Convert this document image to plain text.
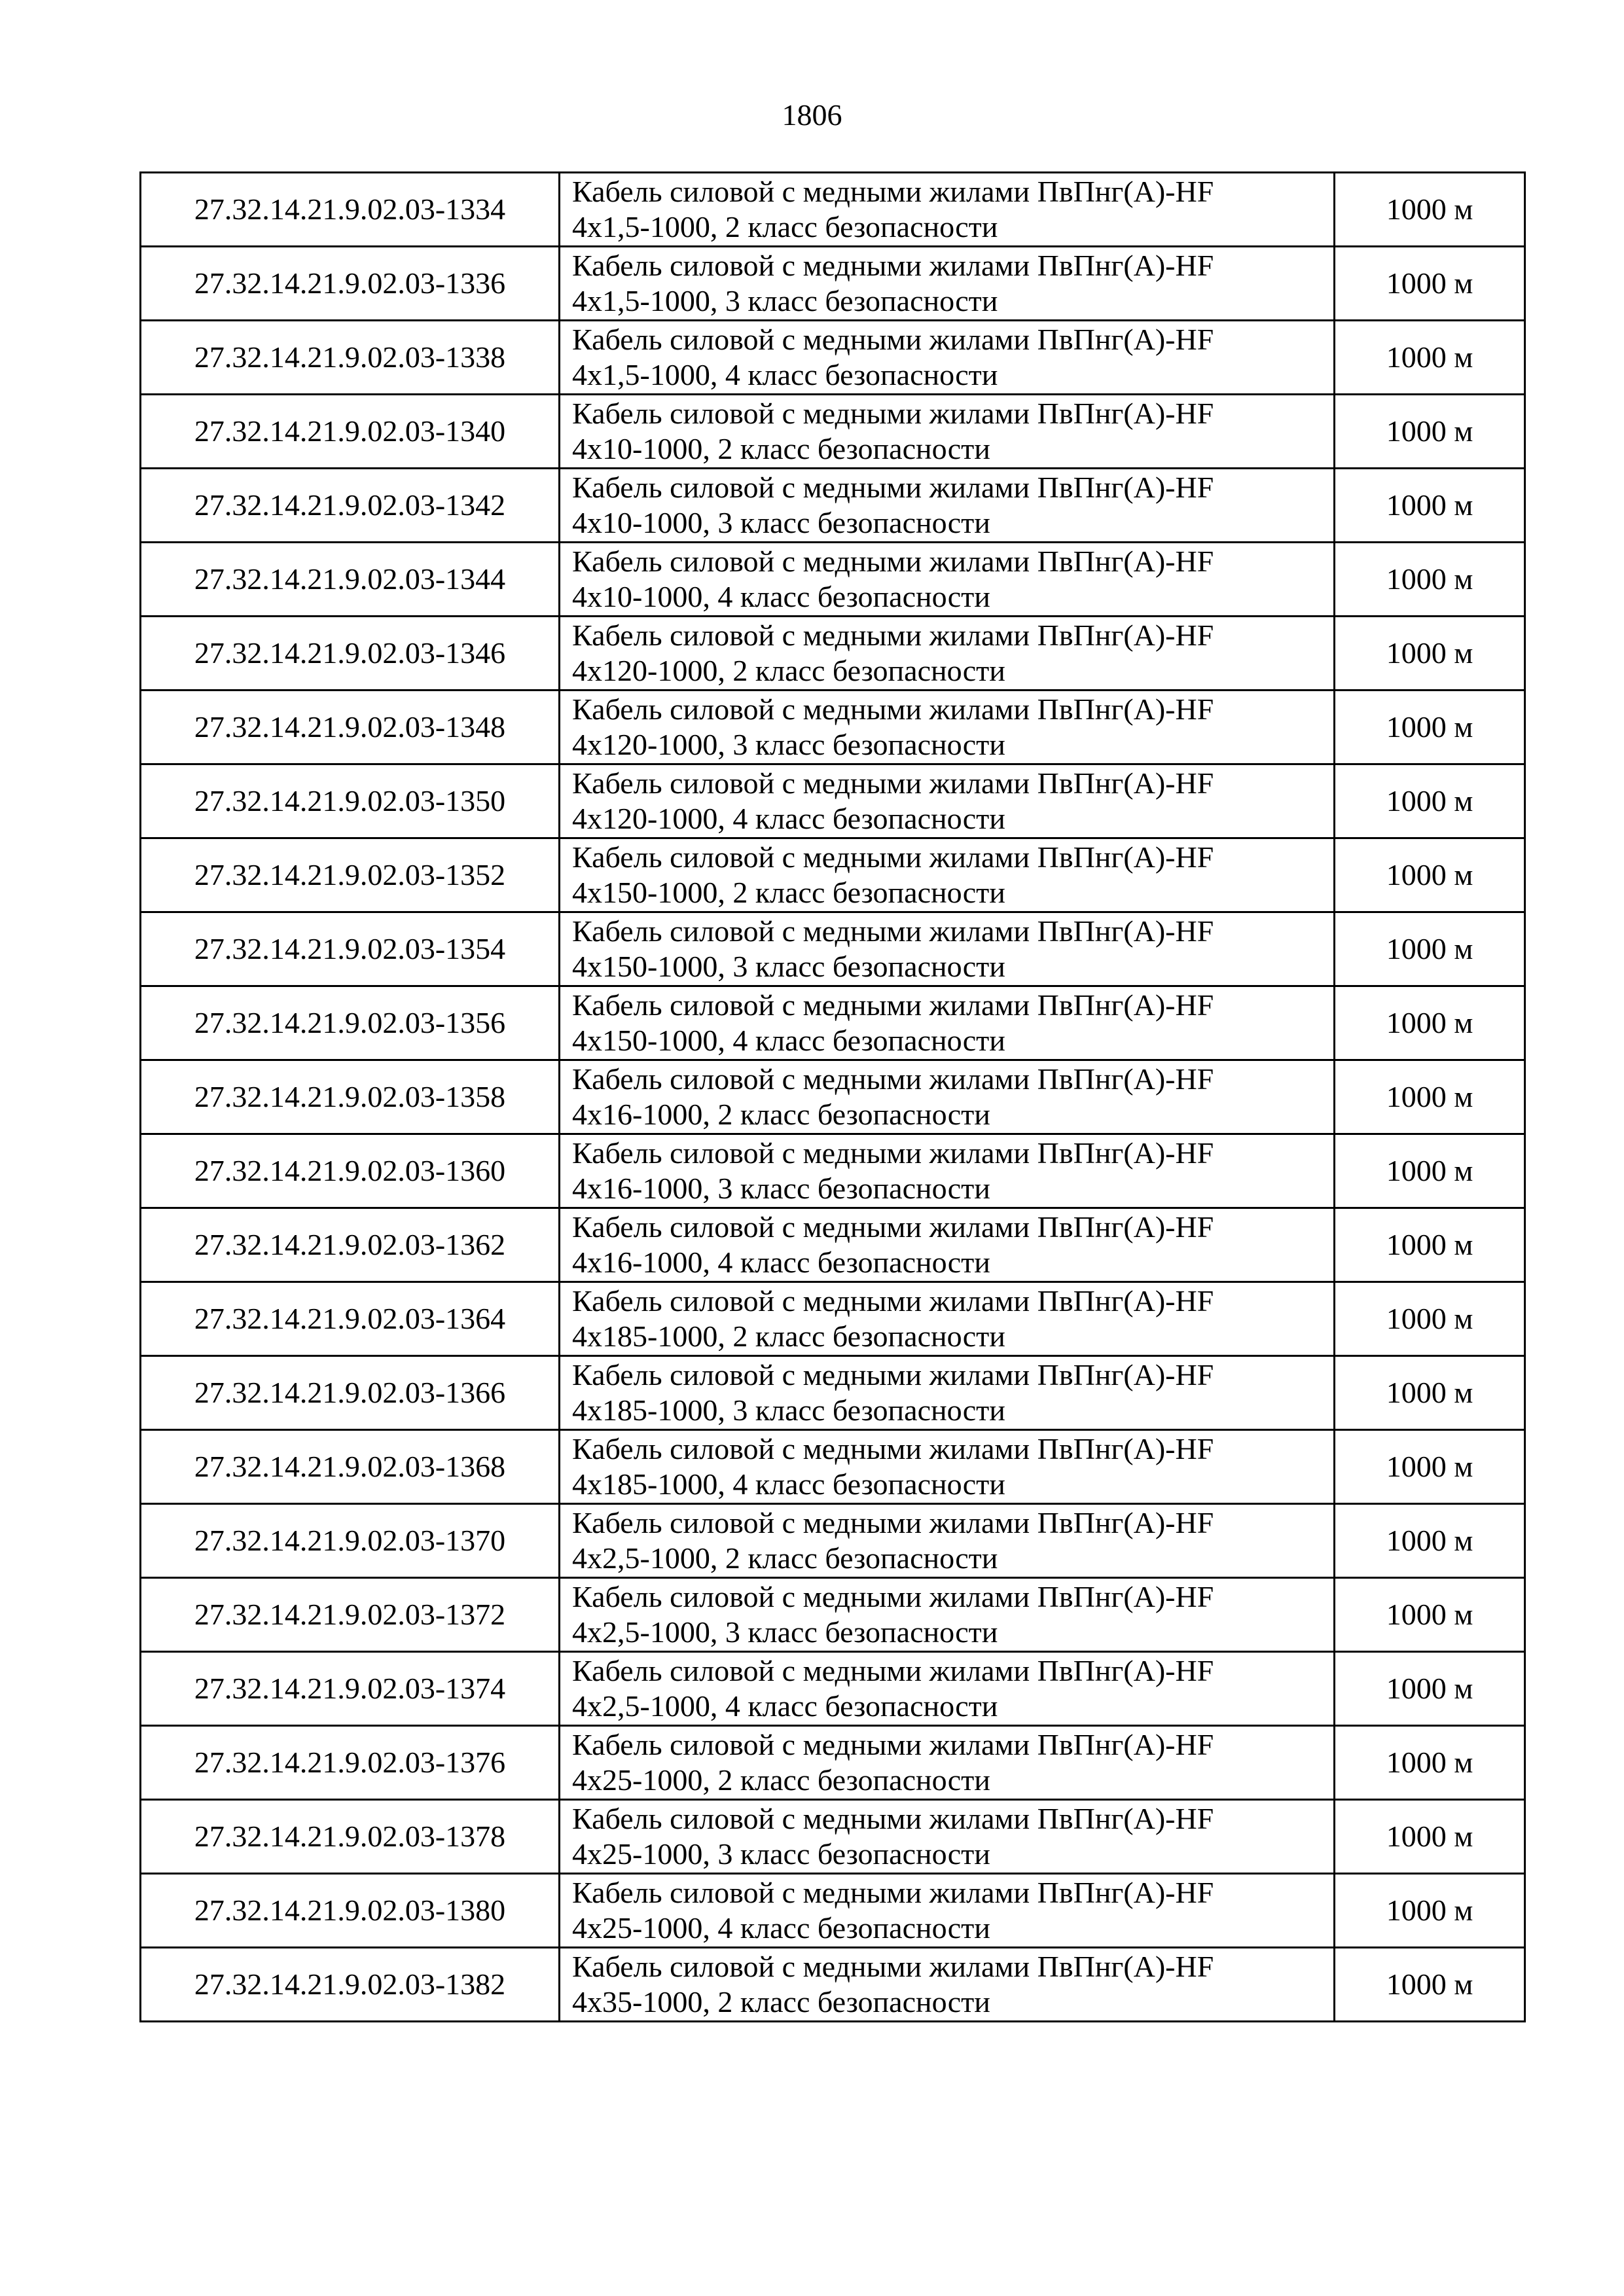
1806
27.32.14.21.9.02.03-1334	Кабель силовой с медными жилами ПвПнг(А)-HF
4х1,5-1000, 2 класс безопасности	1000 м
27.32.14.21.9.02.03-1336	Кабель силовой с медными жилами ПвПнг(А)-HF
4х1,5-1000, 3 класс безопасности	1000 м
27.32.14.21.9.02.03-1338	Кабель силовой с медными жилами ПвПнг(А)-HF
4х1,5-1000, 4 класс безопасности	1000 м
27.32.14.21.9.02.03-1340	Кабель силовой с медными жилами ПвПнг(А)-HF
4х10-1000, 2 класс безопасности	1000 м
27.32.14.21.9.02.03-1342	Кабель силовой с медными жилами ПвПнг(А)-HF
4х10-1000, 3 класс безопасности	1000 м
27.32.14.21.9.02.03-1344	Кабель силовой с медными жилами ПвПнг(А)-HF
4х10-1000, 4 класс безопасности	1000 м
27.32.14.21.9.02.03-1346	Кабель силовой с медными жилами ПвПнг(А)-HF
4х120-1000, 2 класс безопасности	1000 м
27.32.14.21.9.02.03-1348	Кабель силовой с медными жилами ПвПнг(А)-HF
4х120-1000, 3 класс безопасности	1000 м
27.32.14.21.9.02.03-1350	Кабель силовой с медными жилами ПвПнг(А)-HF
4х120-1000, 4 класс безопасности	1000 м
27.32.14.21.9.02.03-1352	Кабель силовой с медными жилами ПвПнг(А)-HF
4х150-1000, 2 класс безопасности	1000 м
27.32.14.21.9.02.03-1354	Кабель силовой с медными жилами ПвПнг(А)-HF
4х150-1000, 3 класс безопасности	1000 м
27.32.14.21.9.02.03-1356	Кабель силовой с медными жилами ПвПнг(А)-HF
4х150-1000, 4 класс безопасности	1000 м
27.32.14.21.9.02.03-1358	Кабель силовой с медными жилами ПвПнг(А)-HF
4х16-1000, 2 класс безопасности	1000 м
27.32.14.21.9.02.03-1360	Кабель силовой с медными жилами ПвПнг(А)-HF
4х16-1000, 3 класс безопасности	1000 м
27.32.14.21.9.02.03-1362	Кабель силовой с медными жилами ПвПнг(А)-HF
4х16-1000, 4 класс безопасности	1000 м
27.32.14.21.9.02.03-1364	Кабель силовой с медными жилами ПвПнг(А)-HF
4х185-1000, 2 класс безопасности	1000 м
27.32.14.21.9.02.03-1366	Кабель силовой с медными жилами ПвПнг(А)-HF
4х185-1000, 3 класс безопасности	1000 м
27.32.14.21.9.02.03-1368	Кабель силовой с медными жилами ПвПнг(А)-HF
4х185-1000, 4 класс безопасности	1000 м
27.32.14.21.9.02.03-1370	Кабель силовой с медными жилами ПвПнг(А)-HF
4х2,5-1000, 2 класс безопасности	1000 м
27.32.14.21.9.02.03-1372	Кабель силовой с медными жилами ПвПнг(А)-HF
4х2,5-1000, 3 класс безопасности	1000 м
27.32.14.21.9.02.03-1374	Кабель силовой с медными жилами ПвПнг(А)-HF
4х2,5-1000, 4 класс безопасности	1000 м
27.32.14.21.9.02.03-1376	Кабель силовой с медными жилами ПвПнг(А)-HF
4х25-1000, 2 класс безопасности	1000 м
27.32.14.21.9.02.03-1378	Кабель силовой с медными жилами ПвПнг(А)-HF
4х25-1000, 3 класс безопасности	1000 м
27.32.14.21.9.02.03-1380	Кабель силовой с медными жилами ПвПнг(А)-HF
4х25-1000, 4 класс безопасности	1000 м
27.32.14.21.9.02.03-1382	Кабель силовой с медными жилами ПвПнг(А)-HF
4х35-1000, 2 класс безопасности	1000 м
